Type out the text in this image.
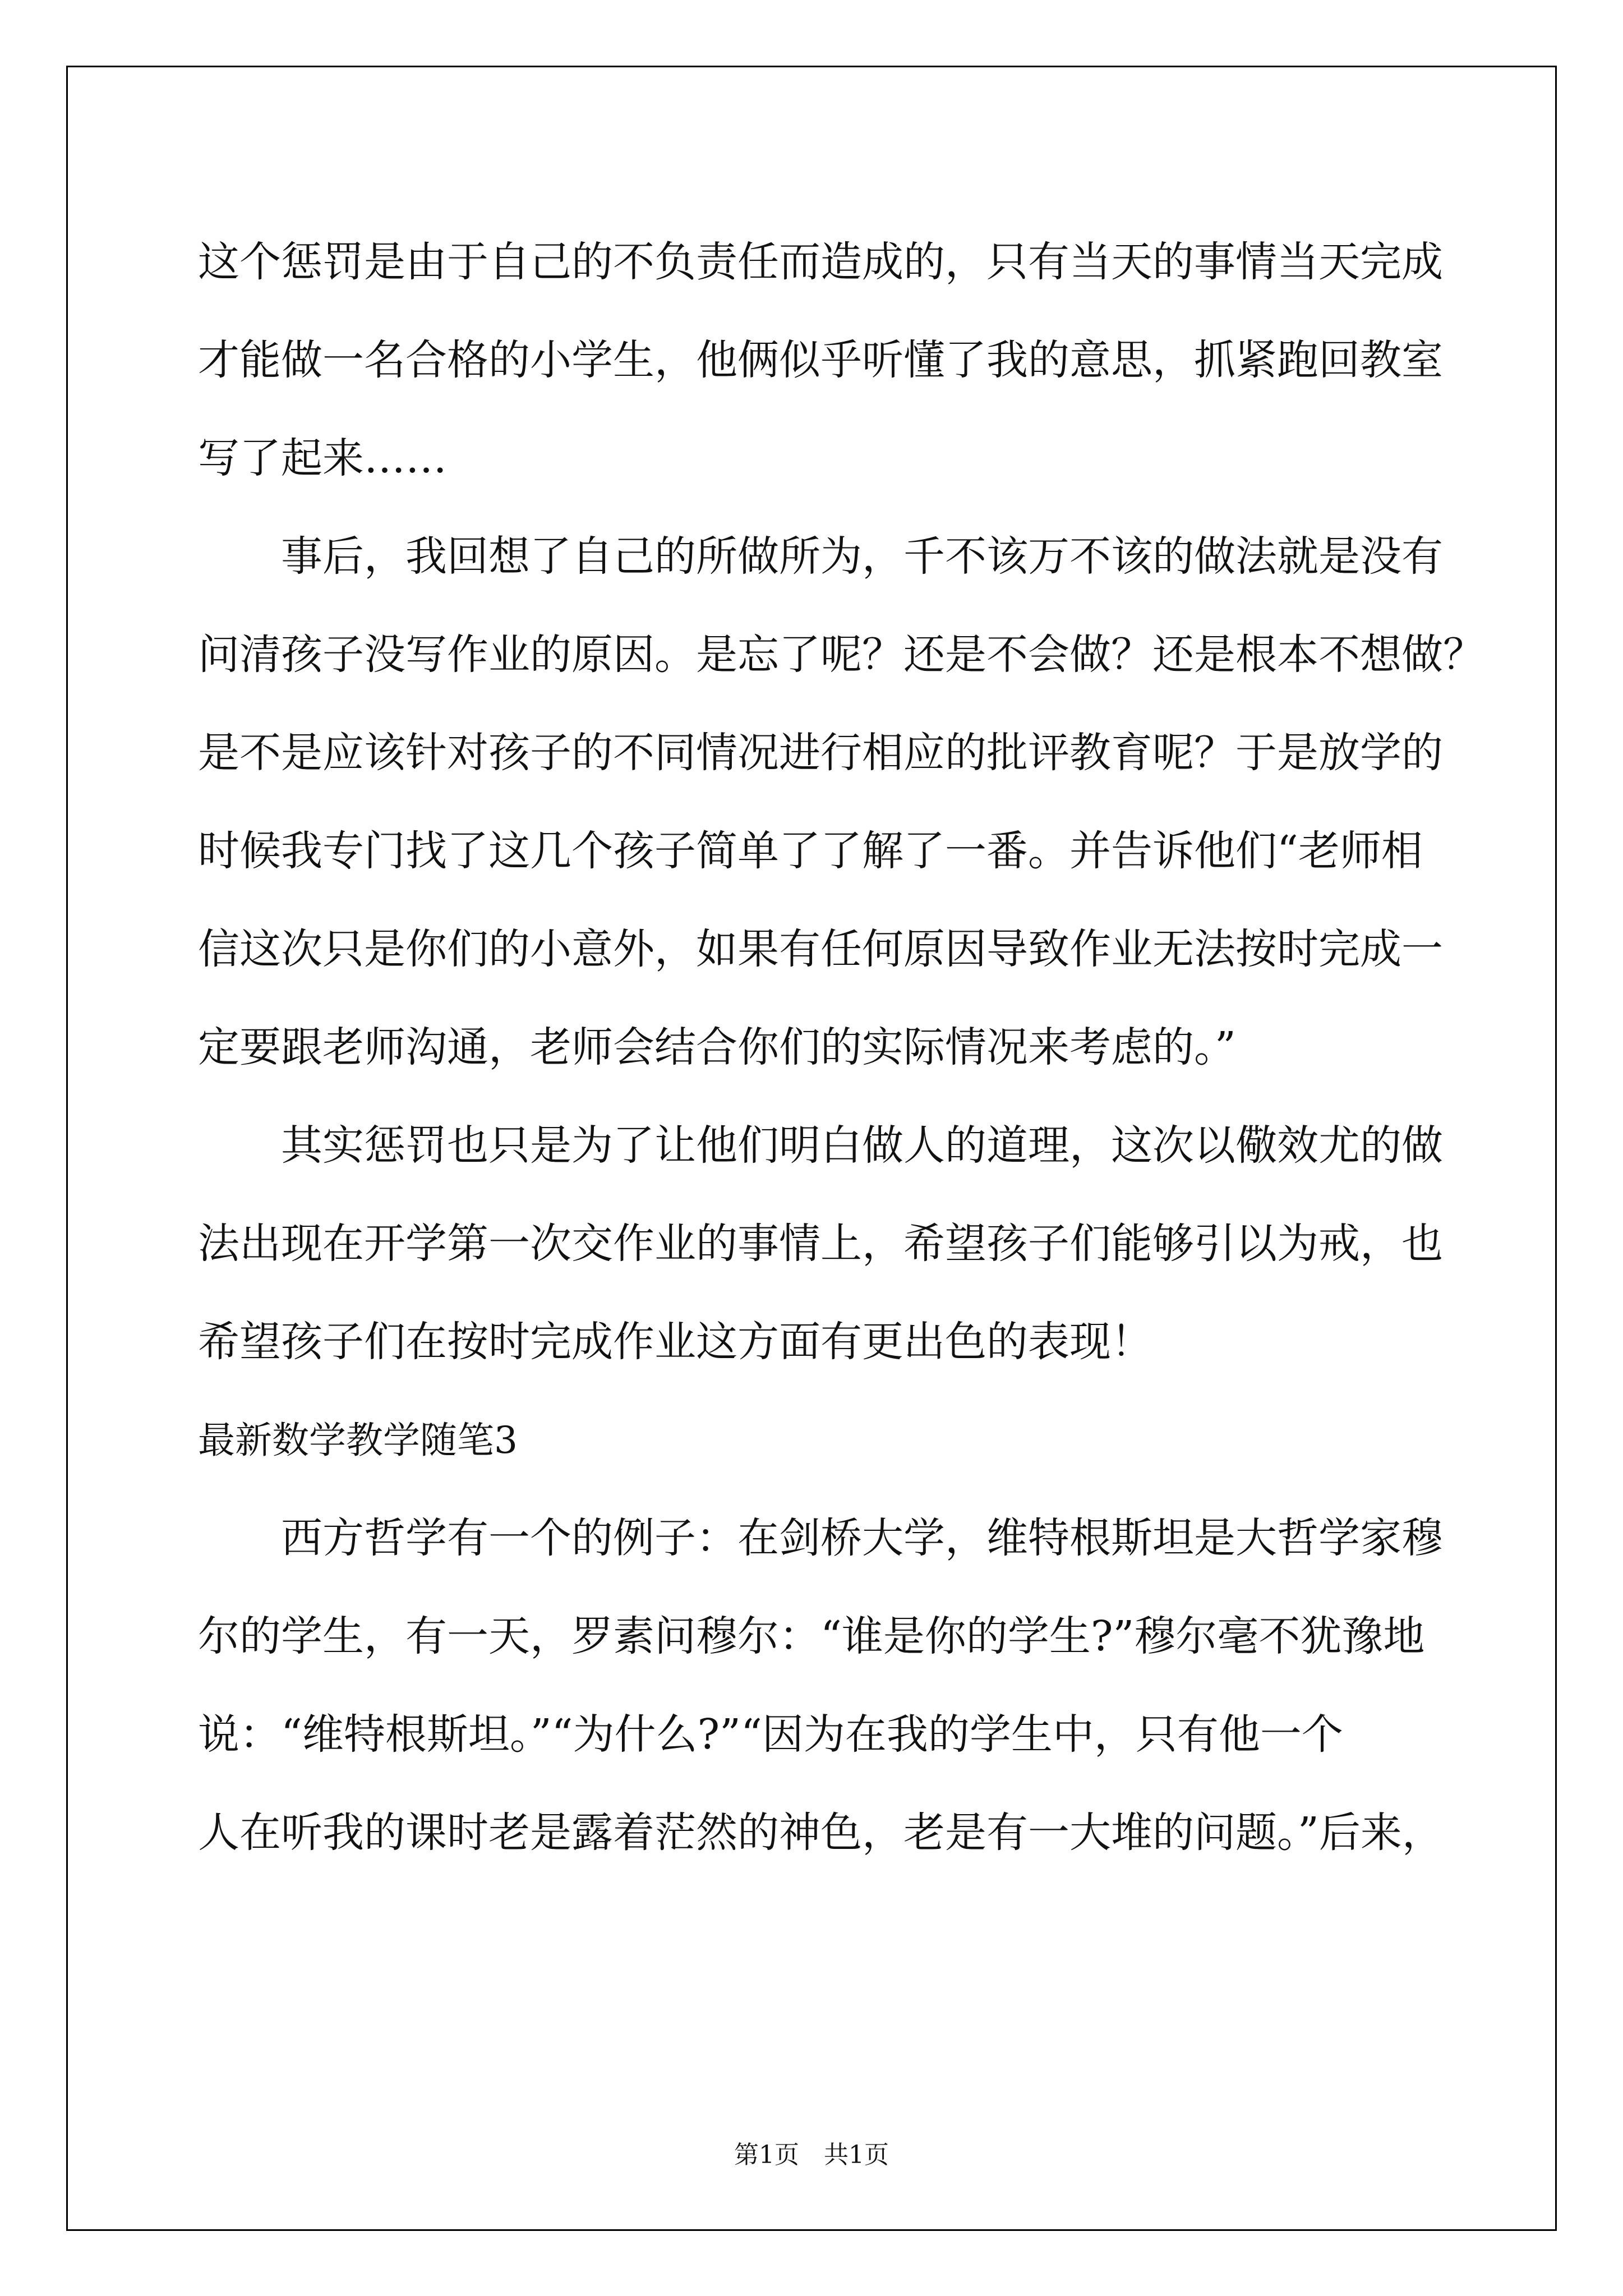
这个惩罚是由于自己的不负责任而造成的，只有当天的事情当天完成
才能做一名合格的小学生，他俩似乎听懂了我的意思，抓紧跑回教室
写了起来……

事后，我回想了自己的所做所为，千不该万不该的做法就是没有
问清孩子没写作业的原因。是忘了呢？还是不会做？还是根本不想做？
是不是应该针对孩子的不同情况进行相应的批评教育呢？于是放学的
时候我专门找了这几个孩子简单了了解了一番。并告诉他们“老师相
信这次只是你们的小意外，如果有任何原因导致作业无法按时完成一
定要跟老师沟通，老师会结合你们的实际情况来考虑的。”

其实惩罚也只是为了让他们明白做人的道理，这次以儆效尤的做
法出现在开学第一次交作业的事情上，希望孩子们能够引以为戒，也
希望孩子们在按时完成作业这方面有更出色的表现！

最新数学教学随笔3

西方哲学有一个的例子：在剑桥大学，维特根斯坦是大哲学家穆
尔的学生，有一天，罗素问穆尔：“谁是你的学生?”穆尔毫不犹豫地
说：“维特根斯坦。”“为什么?”“因为在我的学生中，只有他一个
人在听我的课时老是露着茫然的神色，老是有一大堆的问题。”后来，

第1页　共1页
